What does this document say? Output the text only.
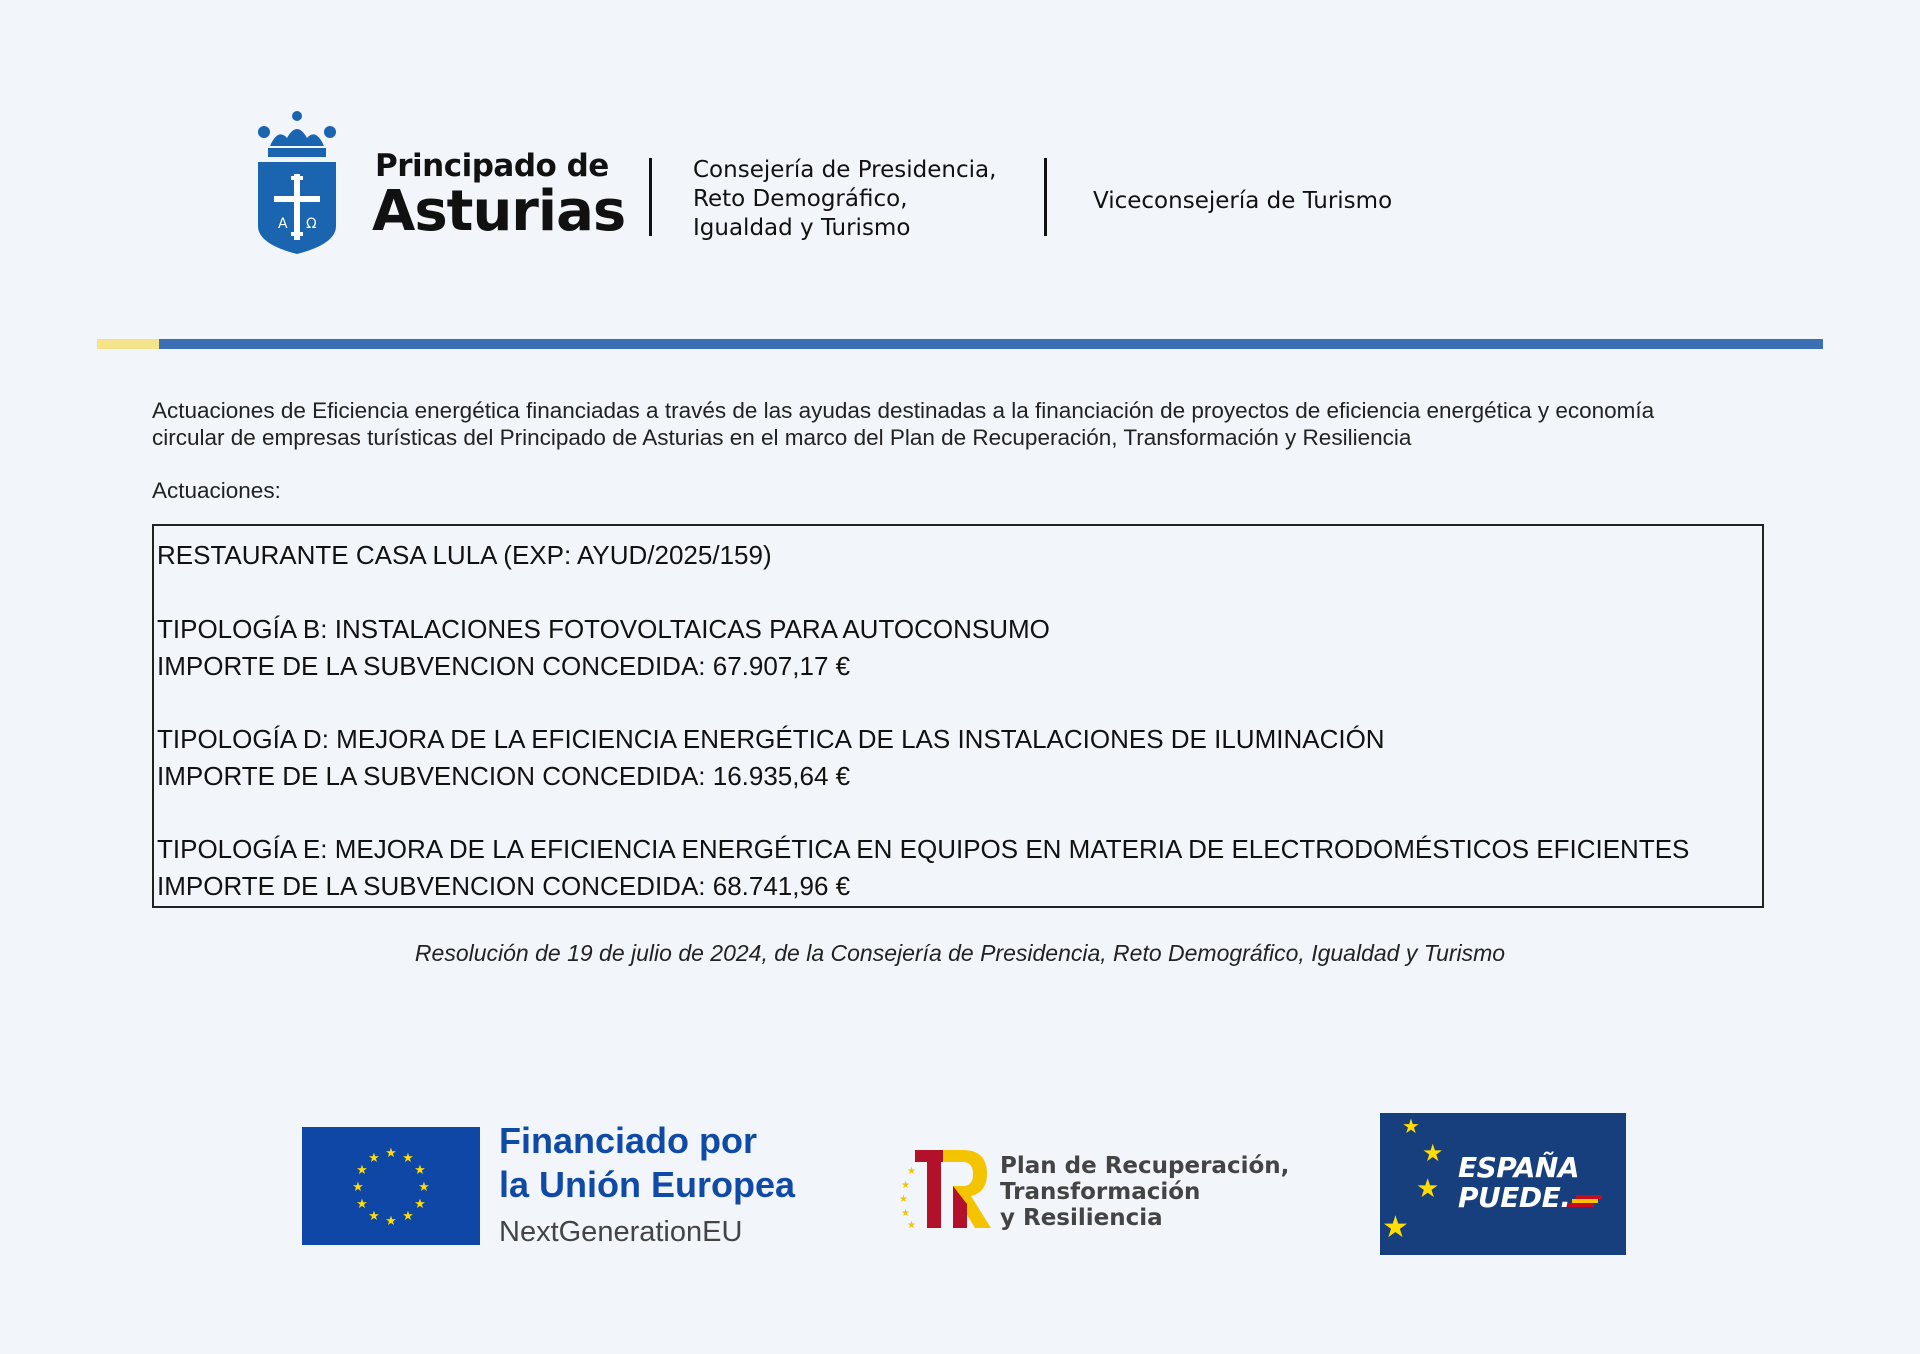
A Ω
Principado de
Asturias
Consejería de Presidencia,
Reto Demográfico,
Igualdad y Turismo
Viceconsejería de Turismo
Actuaciones de Eficiencia energética financiadas a través de las ayudas destinadas a la financiación de proyectos de eficiencia energética y economía
circular de empresas turísticas del Principado de Asturias en el marco del Plan de Recuperación, Transformación y Resiliencia
Actuaciones:
RESTAURANTE CASA LULA (EXP: AYUD/2025/159)
TIPOLOGÍA B: INSTALACIONES FOTOVOLTAICAS PARA AUTOCONSUMO
IMPORTE DE LA SUBVENCION CONCEDIDA: 67.907,17 €
TIPOLOGÍA D: MEJORA DE LA EFICIENCIA ENERGÉTICA DE LAS INSTALACIONES DE ILUMINACIÓN
IMPORTE DE LA SUBVENCION CONCEDIDA: 16.935,64 €
TIPOLOGÍA E: MEJORA DE LA EFICIENCIA ENERGÉTICA EN EQUIPOS EN MATERIA DE ELECTRODOMÉSTICOS EFICIENTES
IMPORTE DE LA SUBVENCION CONCEDIDA: 68.741,96 €
Resolución de 19 de julio de 2024, de la Consejería de Presidencia, Reto Demográfico, Igualdad y Turismo
★ ★
★
★
★
★
★
★
★
★
★
★	Financiado por
la Unión Europea
NextGenerationEU
★
★
★
★
★
Plan de Recuperación,
Transformación
y Resiliencia
★
★
★
★
ESPAÑA
PUEDE.
